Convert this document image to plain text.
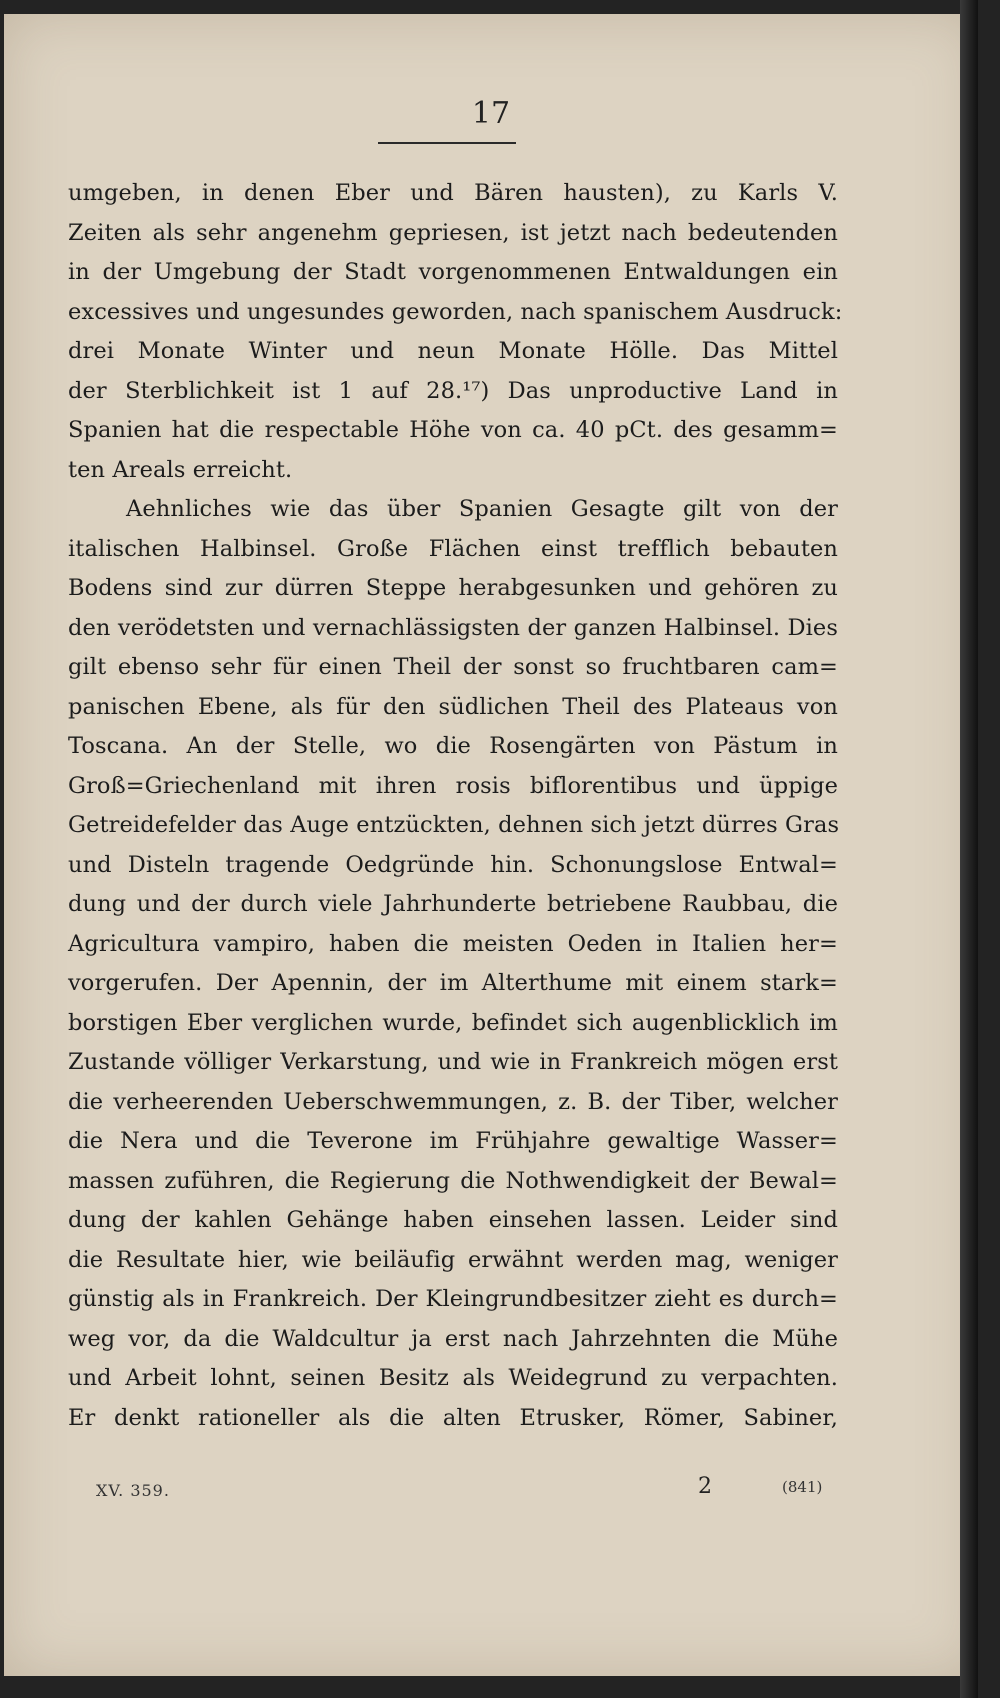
17
umgeben, in denen Eber und Bären hausten), zu Karls V.
Zeiten als sehr angenehm gepriesen, ist jetzt nach bedeutenden
in der Umgebung der Stadt vorgenommenen Entwaldungen ein
excessives und ungesundes geworden, nach spanischem Ausdruck:
drei Monate Winter und neun Monate Hölle. Das Mittel
der Sterblichkeit ist 1 auf 28.¹⁷) Das unproductive Land in
Spanien hat die respectable Höhe von ca. 40 pCt. des gesamm=
ten Areals erreicht.
Aehnliches wie das über Spanien Gesagte gilt von der
italischen Halbinsel. Große Flächen einst trefflich bebauten
Bodens sind zur dürren Steppe herabgesunken und gehören zu
den verödetsten und vernachlässigsten der ganzen Halbinsel. Dies
gilt ebenso sehr für einen Theil der sonst so fruchtbaren cam=
panischen Ebene, als für den südlichen Theil des Plateaus von
Toscana. An der Stelle, wo die Rosengärten von Pästum in
Groß=Griechenland mit ihren rosis biflorentibus und üppige
Getreidefelder das Auge entzückten, dehnen sich jetzt dürres Gras
und Disteln tragende Oedgründe hin. Schonungslose Entwal=
dung und der durch viele Jahrhunderte betriebene Raubbau, die
Agricultura vampiro, haben die meisten Oeden in Italien her=
vorgerufen. Der Apennin, der im Alterthume mit einem stark=
borstigen Eber verglichen wurde, befindet sich augenblicklich im
Zustande völliger Verkarstung, und wie in Frankreich mögen erst
die verheerenden Ueberschwemmungen, z. B. der Tiber, welcher
die Nera und die Teverone im Frühjahre gewaltige Wasser=
massen zuführen, die Regierung die Nothwendigkeit der Bewal=
dung der kahlen Gehänge haben einsehen lassen. Leider sind
die Resultate hier, wie beiläufig erwähnt werden mag, weniger
günstig als in Frankreich. Der Kleingrundbesitzer zieht es durch=
weg vor, da die Waldcultur ja erst nach Jahrzehnten die Mühe
und Arbeit lohnt, seinen Besitz als Weidegrund zu verpachten.
Er denkt rationeller als die alten Etrusker, Römer, Sabiner,
XV. 359.	2	(841)
